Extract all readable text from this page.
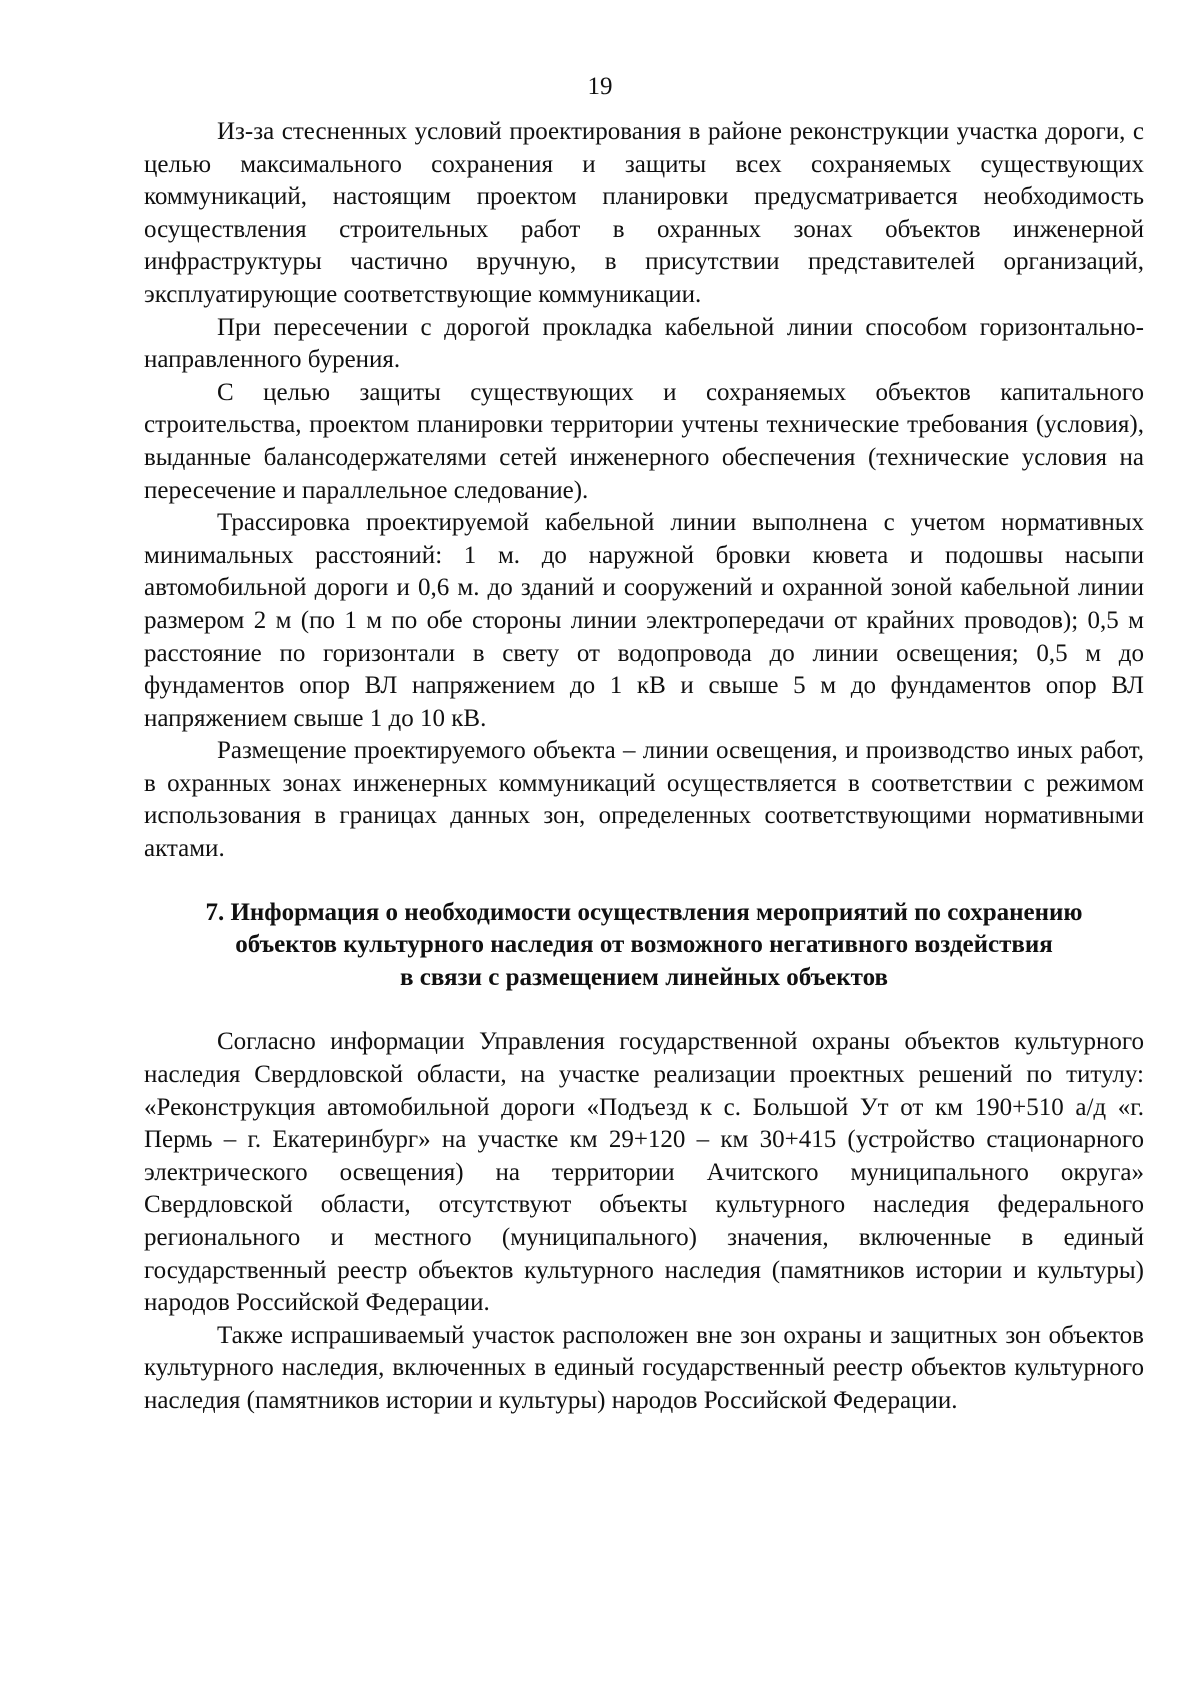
19

Из-за стесненных условий проектирования в районе реконструкции участка дороги, с целью максимального сохранения и защиты всех сохраняемых существующих коммуникаций, настоящим проектом планировки предусматривается необходимость осуществления строительных работ в охранных зонах объектов инженерной инфраструктуры частично вручную, в присутствии представителей организаций, эксплуатирующие соответствующие коммуникации.

При пересечении с дорогой прокладка кабельной линии способом горизонтально-направленного бурения.

С целью защиты существующих и сохраняемых объектов капитального строительства, проектом планировки территории учтены технические требования (условия), выданные балансодержателями сетей инженерного обеспечения (технические условия на пересечение и параллельное следование).

Трассировка проектируемой кабельной линии выполнена с учетом нормативных минимальных расстояний: 1 м. до наружной бровки кювета и подошвы насыпи автомобильной дороги и 0,6 м. до зданий и сооружений и охранной зоной кабельной линии размером 2 м (по 1 м по обе стороны линии электропередачи от крайних проводов); 0,5 м расстояние по горизонтали в свету от водопровода до линии освещения; 0,5 м до фундаментов опор ВЛ напряжением до 1 кВ и свыше 5 м до фундаментов опор ВЛ напряжением свыше 1 до 10 кВ.

Размещение проектируемого объекта – линии освещения, и производство иных работ, в охранных зонах инженерных коммуникаций осуществляется в соответствии с режимом использования в границах данных зон, определенных соответствующими нормативными актами.

7. Информация о необходимости осуществления мероприятий по сохранению
объектов культурного наследия от возможного негативного воздействия
в связи с размещением линейных объектов

Согласно информации Управления государственной охраны объектов культурного наследия Свердловской области, на участке реализации проектных решений по титулу: «Реконструкция автомобильной дороги «Подъезд к с. Большой Ут от км 190+510 а/д «г. Пермь – г. Екатеринбург» на участке км 29+120 – км 30+415 (устройство стационарного электрического освещения) на территории Ачитского муниципального округа» Свердловской области, отсутствуют объекты культурного наследия федерального регионального и местного (муниципального) значения, включенные в единый государственный реестр объектов культурного наследия (памятников истории и культуры) народов Российской Федерации.

Также испрашиваемый участок расположен вне зон охраны и защитных зон объектов культурного наследия, включенных в единый государственный реестр объектов культурного наследия (памятников истории и культуры) народов Российской Федерации.
